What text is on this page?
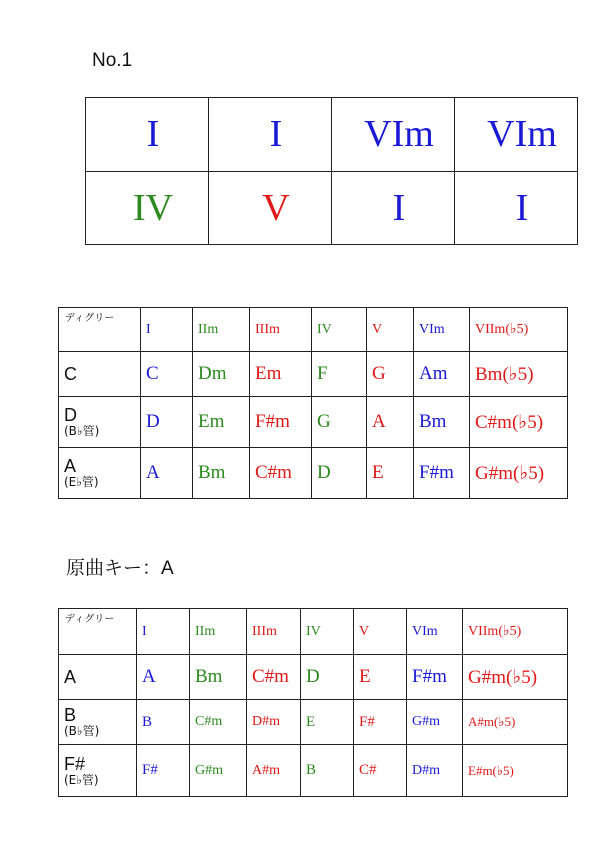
No.1
I	I	VIm	VIm
IV	V	I	I
ディグリー	I	IIm	IIIm	IV	V	VIm	VIIm(♭5)
C	C	Dm	Em	F	G	Am	Bm(♭5)
D
(B♭管)	D	Em	F#m	G	A	Bm	C#m(♭5)
A
(E♭管)	A	Bm	C#m	D	E	F#m	G#m(♭5)
原曲キー：A
ディグリー	I	IIm	IIIm	IV	V	VIm	VIIm(♭5)
A	A	Bm	C#m	D	E	F#m	G#m(♭5)
B
(B♭管)	B	C#m	D#m	E	F#	G#m	A#m(♭5)
F#
(E♭管)	F#	G#m	A#m	B	C#	D#m	E#m(♭5)
